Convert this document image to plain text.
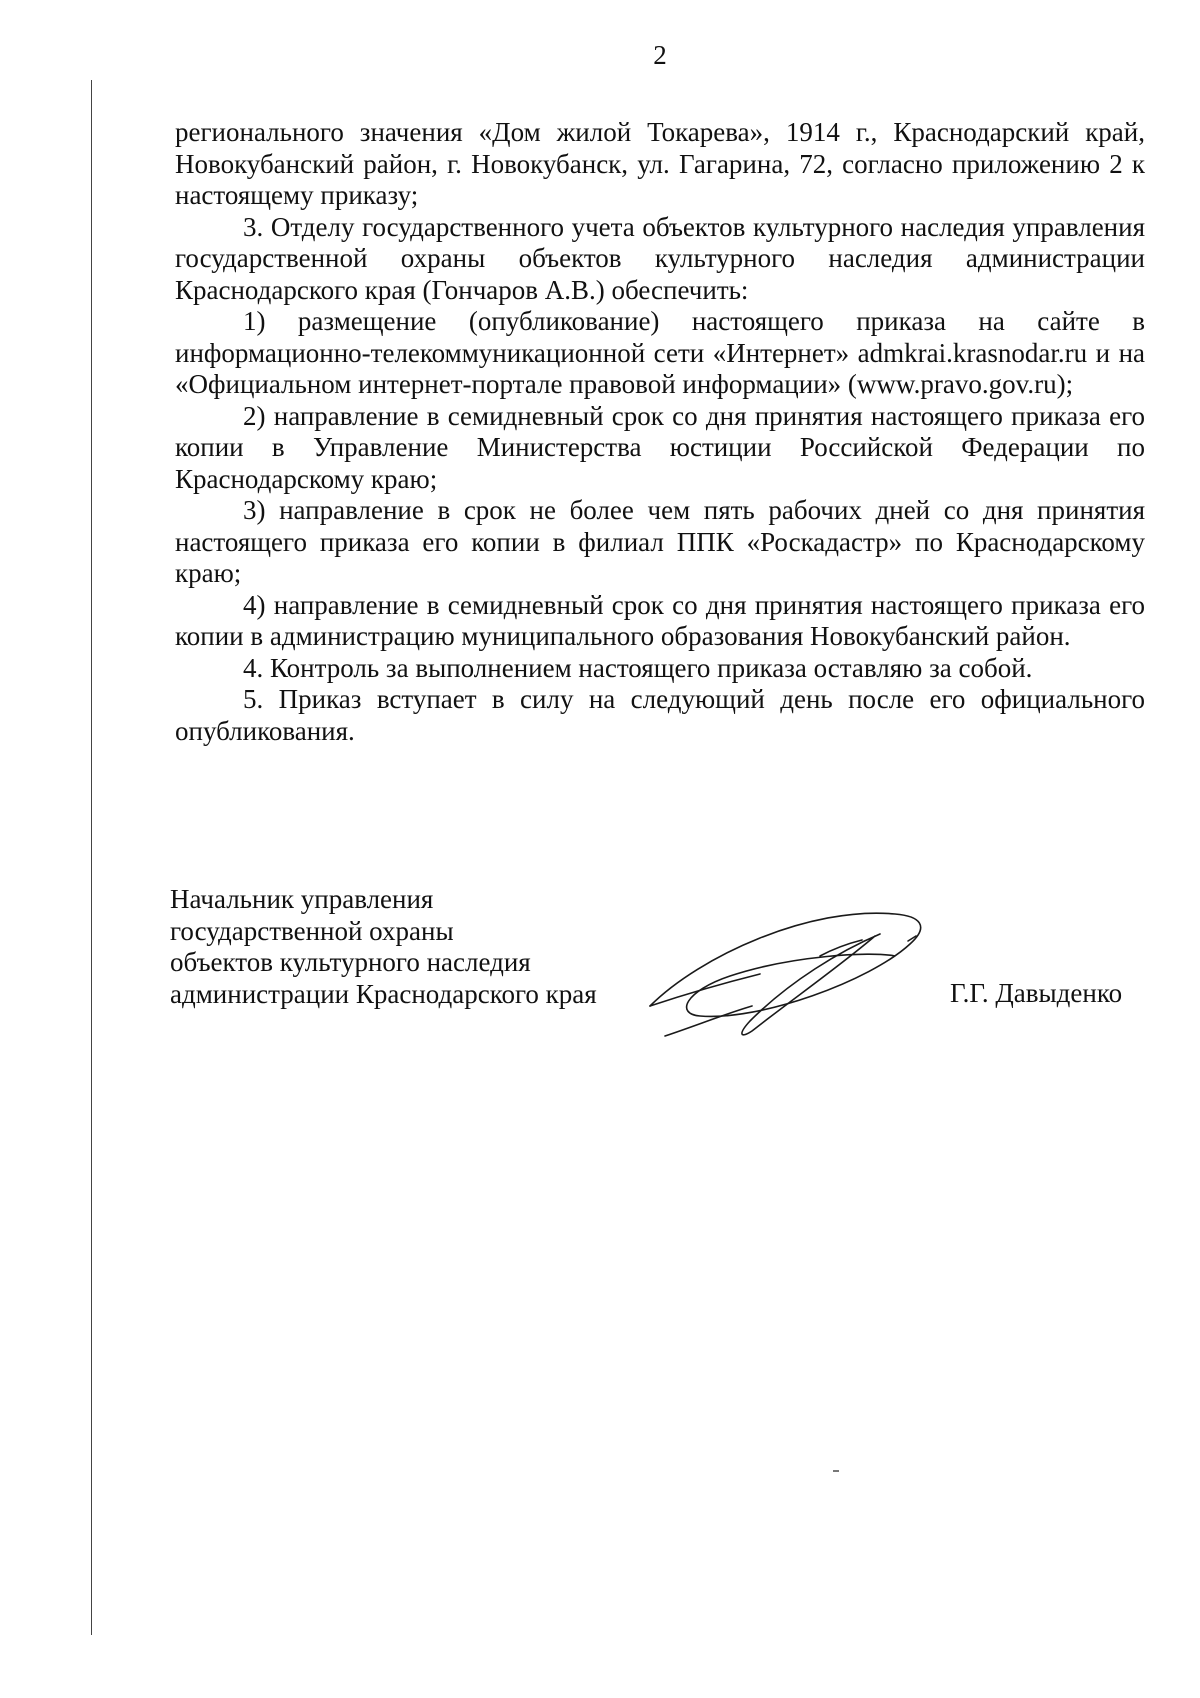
2

регионального значения «Дом жилой Токарева», 1914 г., Краснодарский край, Новокубанский район, г. Новокубанск, ул. Гагарина, 72, согласно приложению 2 к настоящему приказу;

3. Отделу государственного учета объектов культурного наследия управления государственной охраны объектов культурного наследия администрации Краснодарского края (Гончаров А.В.) обеспечить:

1) размещение (опубликование) настоящего приказа на сайте в информационно-телекоммуникационной сети «Интернет» admkrai.krasnodar.ru и на «Официальном интернет-портале правовой информации» (www.pravo.gov.ru);

2) направление в семидневный срок со дня принятия настоящего приказа его копии в Управление Министерства юстиции Российской Федерации по Краснодарскому краю;

3) направление в срок не более чем пять рабочих дней со дня принятия настоящего приказа его копии в филиал ППК «Роскадастр» по Краснодарскому краю;

4) направление в семидневный срок со дня принятия настоящего приказа его копии в администрацию муниципального образования Новокубанский район.

4. Контроль за выполнением настоящего приказа оставляю за собой.

5. Приказ вступает в силу на следующий день после его официального опубликования.

Начальник управления

государственной охраны

объектов культурного наследия

администрации Краснодарского края	Г.Г. Давыденко
